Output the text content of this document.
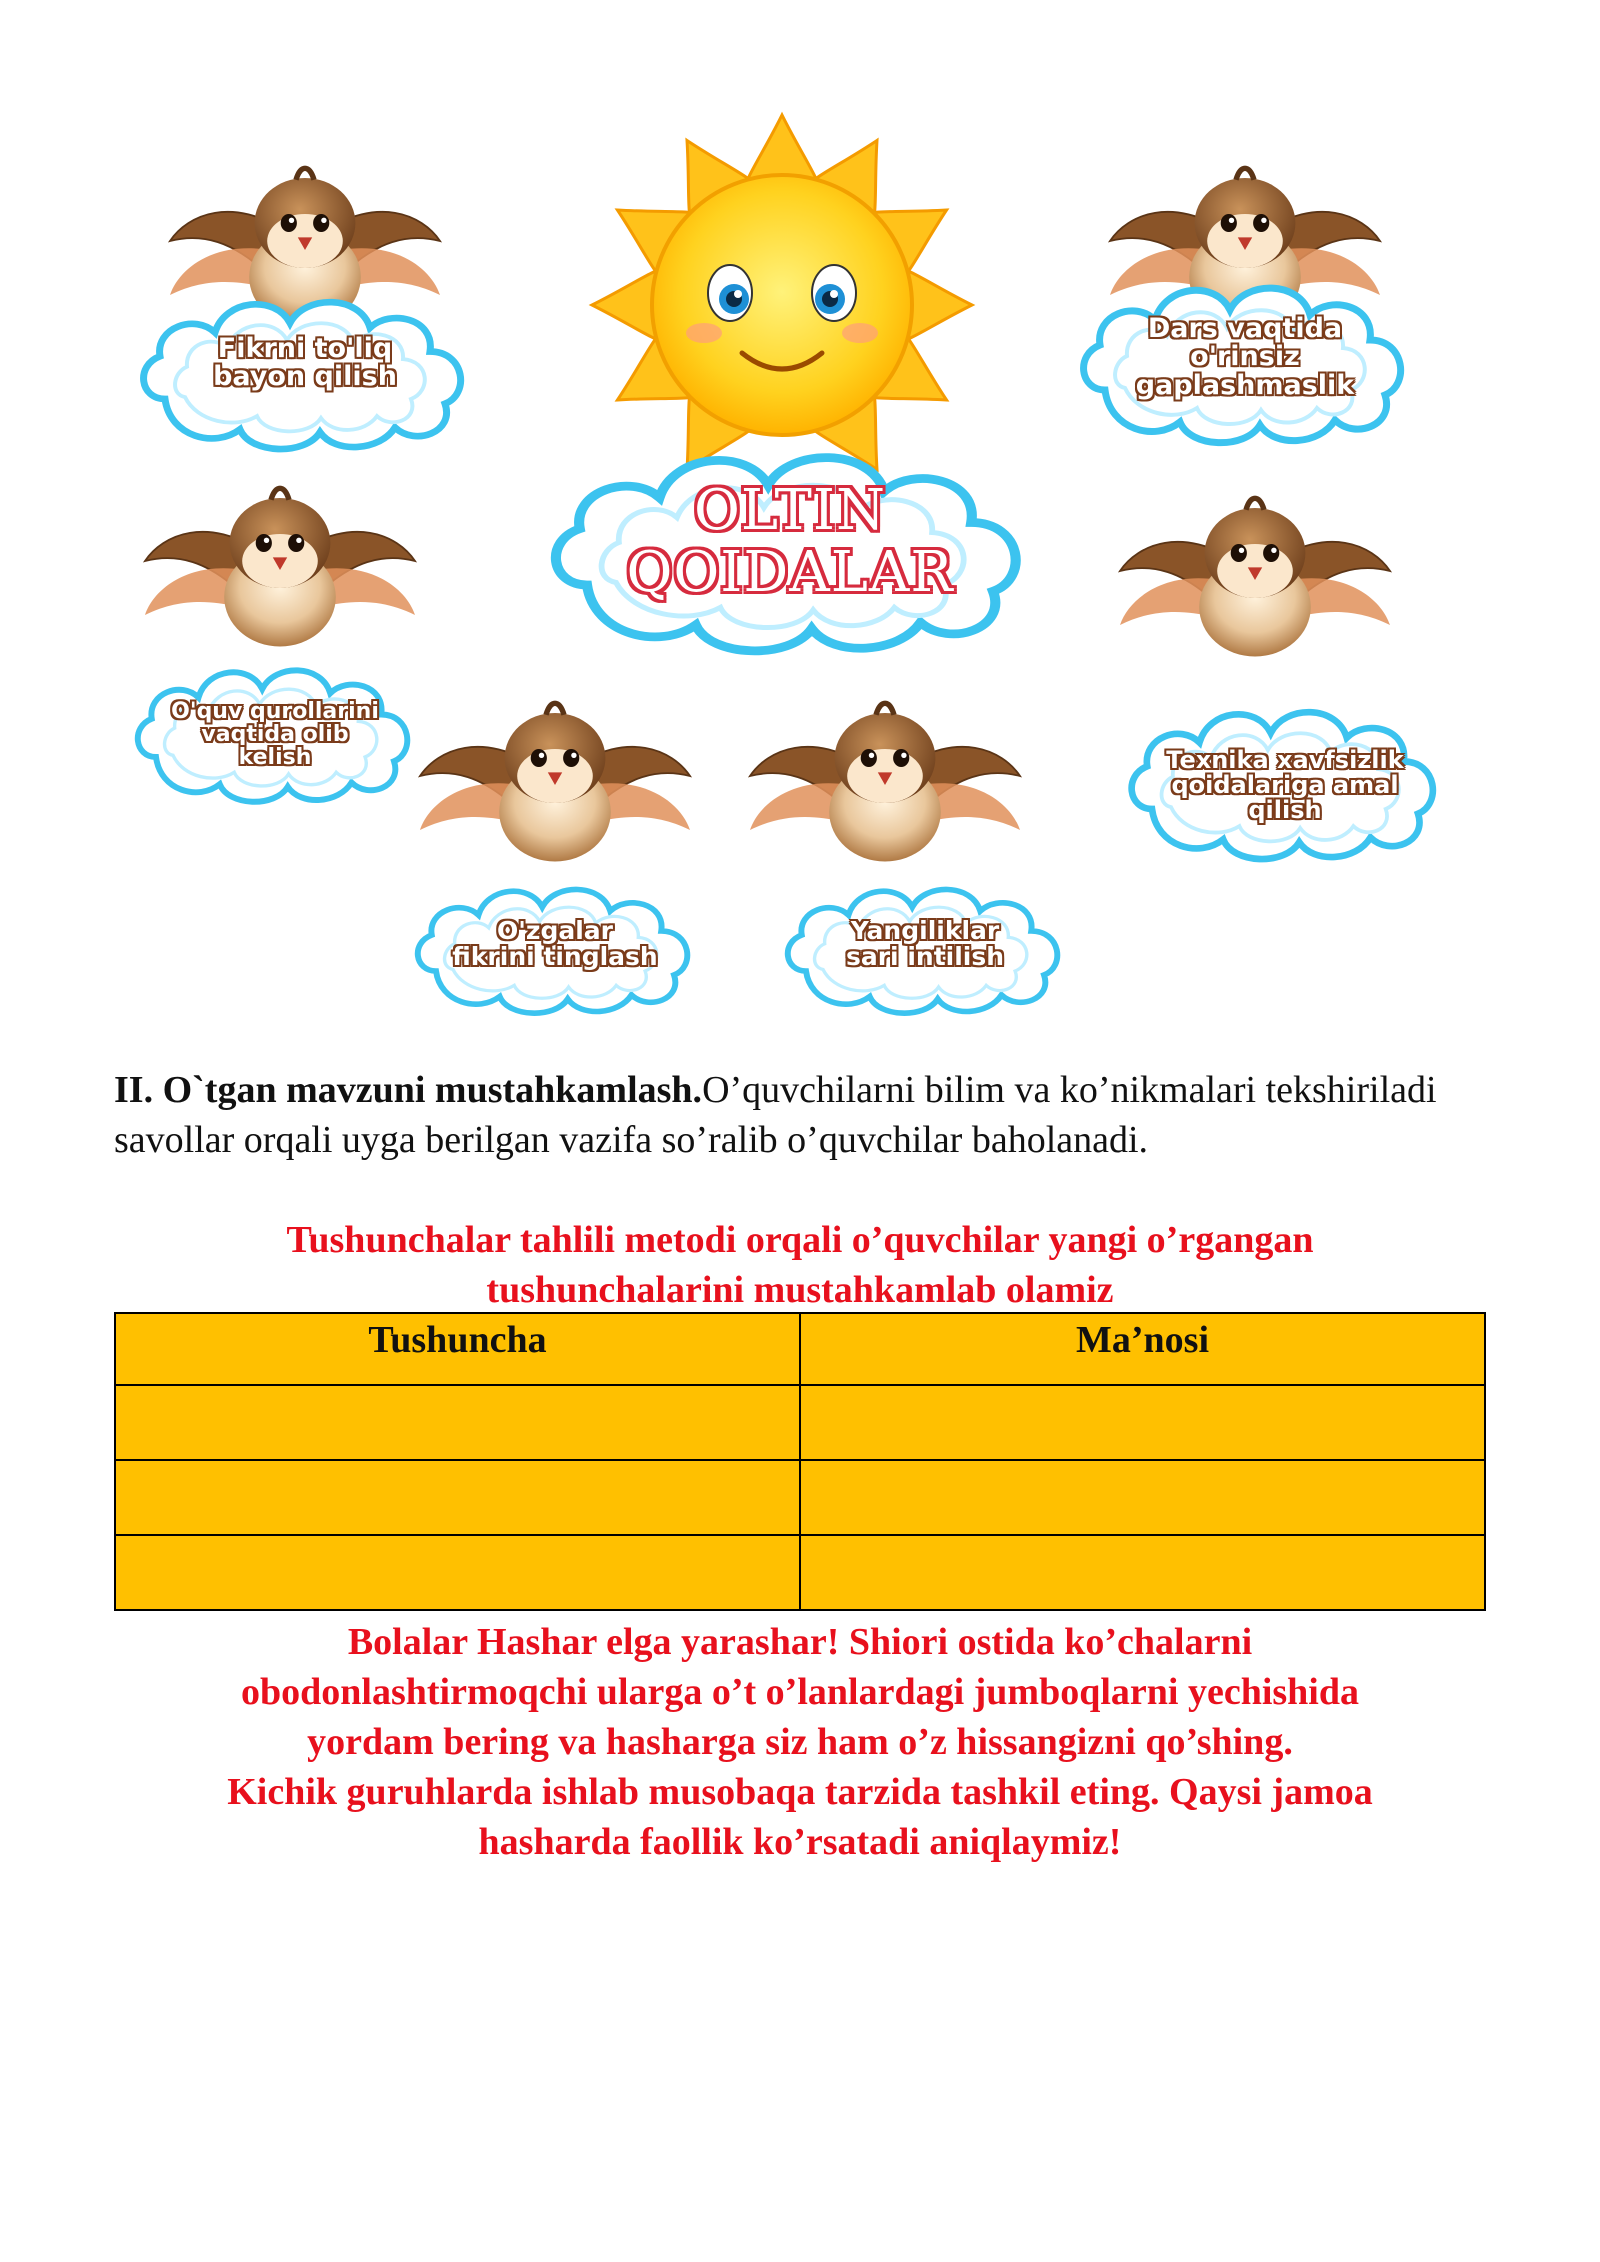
OLTIN
QOIDALAR
Fikrni to'liq
bayon qilish
Dars vaqtida
o'rinsiz
gaplashmaslik
O'quv qurollarini
vaqtida olib
kelish	Texnika xavfsizlik
qoidalariga amal
qilish
O'zgalar
fikrini tinglash
Yangiliklar
sari intilish
II. O`tgan mavzuni mustahkamlash.O’quvchilarni bilim va ko’nikmalari tekshiriladi savollar orqali uyga berilgan vazifa so’ralib o’quvchilar baholanadi.
Tushunchalar tahlili metodi orqali o’quvchilar yangi o’rgangan
tushunchalarini mustahkamlab olamiz
Tushuncha	Ma’nosi

Bolalar Hashar elga yarashar! Shiori ostida ko’chalarni
obodonlashtirmoqchi ularga o’t o’lanlardagi jumboqlarni yechishida
yordam bering va hasharga siz ham o’z hissangizni qo’shing.
Kichik guruhlarda ishlab musobaqa tarzida tashkil eting. Qaysi jamoa
hasharda faollik ko’rsatadi aniqlaymiz!
